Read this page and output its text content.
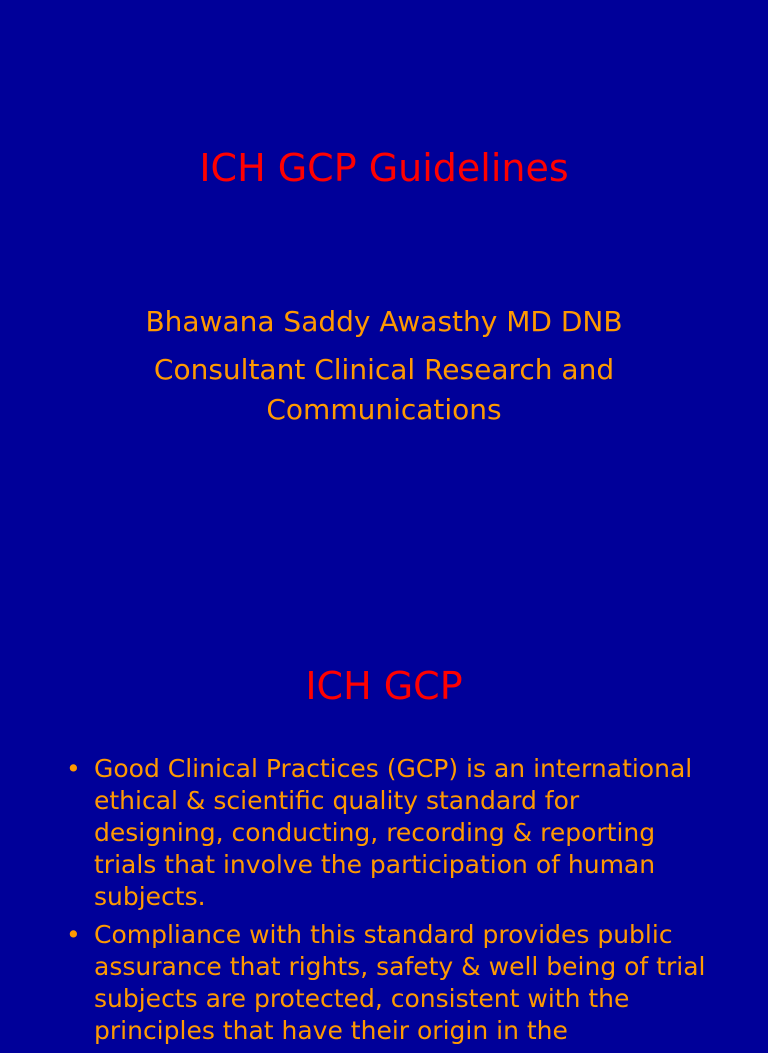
ICH GCP Guidelines
Bhawana Saddy Awasthy MD DNB
Consultant Clinical Research and
Communications
ICH GCP
• Good Clinical Practices (GCP) is an international ethical & scientific quality standard for designing, conducting, recording & reporting trials that involve the participation of human subjects.
• Compliance with this standard provides public assurance that rights, safety & well being of trial subjects are protected, consistent with the principles that have their origin in the
